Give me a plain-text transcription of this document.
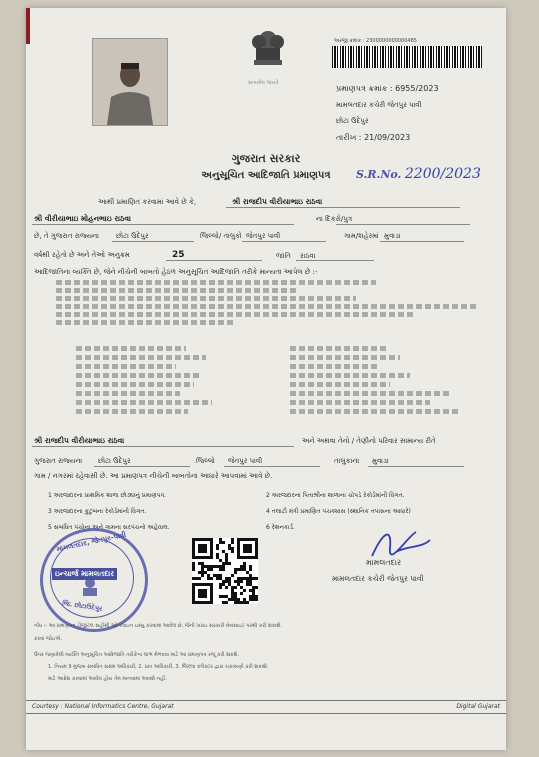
સત્યમેવ જયતે
અરજી ક્રમાંક : 2300000000000485
પ્રમાણપત્ર ક્રમાંક : 6955/2023
મામલતદાર કચેરી જેતપુર પાવી
છોટા ઉદેપુર
તારીખ : 21/09/2023
ગુજરાત સરકાર
અનુસૂચિત આદિજાતિ પ્રમાણપત્ર	S.R.No. 2200/2023
આથી પ્રમાણિત કરવામાં આવે છે કે,	શ્રી રાજદીપ વીરીયાભાઇ રાઠવા
શ્રી વીરીયાભાઇ મોહનભાઇ રાઠવા	ના દિકરો/પુત્ર
છે, તે ગુજરાત રાજ્યના છોટા ઉદેપુર	જિલ્લો/ તાલુકો જેતપુર પાવી	ગામ/શહેરમાં મુવાડા
વર્ષથી રહેતો છે અને તેઓ અનુક્રમ	25	જાતિ રાઠવા
આદિજાતિના વ્યક્તિ છે, જેને નીચેની બાબતો હેઠળ અનુસૂચિત આદિજાતિ તરીકે માન્યતા આપેલ છે :-
શ્રી રાજદીપ વીરીયાભાઇ રાઠવા	અને અથવા તેનો / તેણીનો પરિવાર સામાન્ય રીતે
ગુજરાત રાજ્યના છોટા ઉદેપુર	જિલ્લો જેતપુર પાવી	તાલુકાના મુવાડા
ગામ / નગરમાં રહેવાસી છે. આ પ્રમાણપત્ર નીચેની બાબતોના આધારે આપવામાં આવે છે.
1 અરજદારના પ્રાથમિક શાળા છોડ્યાનું પ્રમાણપત્ર.	2 અરજદારના પિતાશ્રીના શાળાના ચોપડે રેકોર્ડમાંની વિગત.
3 અરજદારના કુટુંબના રેકોર્ડમાંની વિગત.	4 તલાટી મંત્રી પ્રમાણિત પંચક્યાસ (સ્થાનિક તપાસના આધારે)
5 સંબંધિત પંચોના અને ગામના સરપંચનો અહેવાલ.	6 રેશનકાર્ડ.
મામલતદાર, જેતપુર-પાવી
ઇન્ચાર્જ મામલતદાર
જિ. છોટાઉદેપુર
મામલતદાર
મામલતદાર કચેરી જેતપુર પાવી
નોંધ :- આ પ્રમાણપત્ર ડીજીટલ સહીથી ઓનલાઇન ઇસ્યુ કરવામાં આવેલ છે, જેની ખરાઇ સરકારી વેબસાઇટ પરથી કરી શકાશે.
કરવાં જોઇએ.
ઉપર જણાવેલી વ્યક્તિ અનુસૂચિત આદિજાતિ તરીકેના લાભ મેળવવા માટે આ પ્રમાણપત્ર રજૂ કરી શકશે.
1. નિયમ 9 મુજબ સંબંધિત સક્ષમ અધિકારી, 2. પ્રાંત અધિકારી, 3. જિલ્લા કલેક્ટર દ્વારા ચકાસણી કરી શકાશે.
માટે આદેશ કરવામાં આવેલ હોય તેમ માનવામાં આવશે નહીં.
Courtesy : National Informatics Centre, Gujarat	Digital Gujarat
